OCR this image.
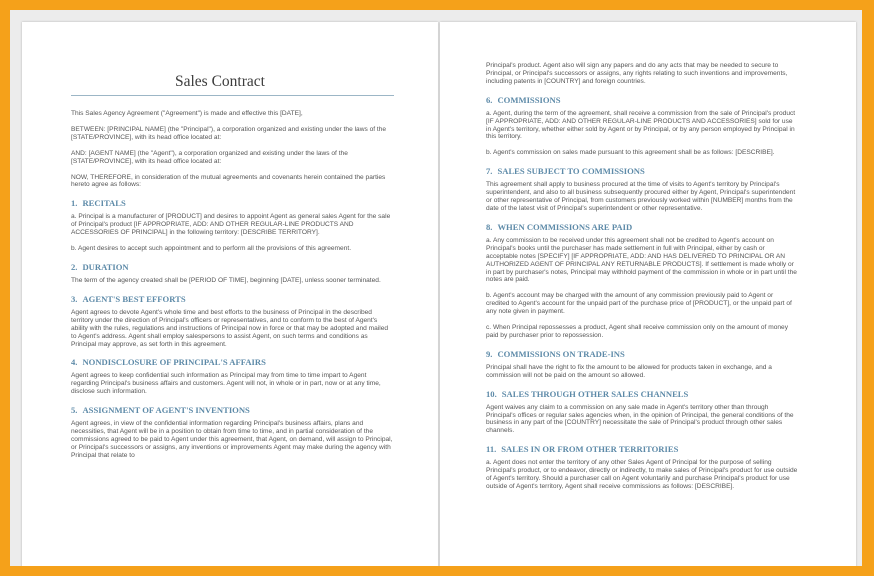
Sales Contract

This Sales Agency Agreement ("Agreement") is made and effective this [DATE],

BETWEEN: [PRINCIPAL NAME] (the "Principal"), a corporation organized and existing under the laws of the [STATE/PROVINCE], with its head office located at:

AND: [AGENT NAME] (the "Agent"), a corporation organized and existing under the laws of the [STATE/PROVINCE], with its head office located at:

NOW, THEREFORE, in consideration of the mutual agreements and covenants herein contained the parties hereto agree as follows:

1. RECITALS

a. Principal is a manufacturer of [PRODUCT] and desires to appoint Agent as general sales Agent for the sale of Principal's product [IF APPROPRIATE, ADD: AND OTHER REGULAR-LINE PRODUCTS AND ACCESSORIES OF PRINCIPAL] in the following territory: [DESCRIBE TERRITORY].

b. Agent desires to accept such appointment and to perform all the provisions of this agreement.

2. DURATION

The term of the agency created shall be [PERIOD OF TIME], beginning [DATE], unless sooner terminated.

3. AGENT'S BEST EFFORTS

Agent agrees to devote Agent's whole time and best efforts to the business of Principal in the described territory under the direction of Principal's officers or representatives, and to conform to the best of Agent's ability with the rules, regulations and instructions of Principal now in force or that may be adopted and mailed to Agent's address. Agent shall employ salespersons to assist Agent, on such terms and conditions as Principal may approve, as set forth in this agreement.

4. NONDISCLOSURE OF PRINCIPAL'S AFFAIRS

Agent agrees to keep confidential such information as Principal may from time to time impart to Agent regarding Principal's business affairs and customers. Agent will not, in whole or in part, now or at any time, disclose such information.

5. ASSIGNMENT OF AGENT'S INVENTIONS

Agent agrees, in view of the confidential information regarding Principal's business affairs, plans and necessities, that Agent will be in a position to obtain from time to time, and in partial consideration of the commissions agreed to be paid to Agent under this agreement, that Agent, on demand, will assign to Principal, or Principal's successors or assigns, any inventions or improvements Agent may make during the agency with Principal that relate to

Principal's product. Agent also will sign any papers and do any acts that may be needed to secure to Principal, or Principal's successors or assigns, any rights relating to such inventions and improvements, including patents in [COUNTRY] and foreign countries.

6. COMMISSIONS

a. Agent, during the term of the agreement, shall receive a commission from the sale of Principal's product [IF APPROPRIATE, ADD: AND OTHER REGULAR-LINE PRODUCTS AND ACCESSORIES] sold for use in Agent's territory, whether either sold by Agent or by Principal, or by any person employed by Principal in this territory.

b. Agent's commission on sales made pursuant to this agreement shall be as follows: [DESCRIBE].

7. SALES SUBJECT TO COMMISSIONS

This agreement shall apply to business procured at the time of visits to Agent's territory by Principal's superintendent, and also to all business subsequently procured either by Agent, Principal's superintendent or other representative of Principal, from customers previously worked within [NUMBER] months from the date of the latest visit of Principal's superintendent or other representative.

8. WHEN COMMISSIONS ARE PAID

a. Any commission to be received under this agreement shall not be credited to Agent's account on Principal's books until the purchaser has made settlement in full with Principal, either by cash or acceptable notes [SPECIFY] [IF APPROPRIATE, ADD: AND HAS DELIVERED TO PRINCIPAL OR AN AUTHORIZED AGENT OF PRINCIPAL ANY RETURNABLE PRODUCTS]. If settlement is made wholly or in part by purchaser's notes, Principal may withhold payment of the commission in whole or in part until the notes are paid.

b. Agent's account may be charged with the amount of any commission previously paid to Agent or credited to Agent's account for the unpaid part of the purchase price of [PRODUCT], or the unpaid part of any note given in payment.

c. When Principal repossesses a product, Agent shall receive commission only on the amount of money paid by purchaser prior to repossession.

9. COMMISSIONS ON TRADE-INS

Principal shall have the right to fix the amount to be allowed for products taken in exchange, and a commission will not be paid on the amount so allowed.

10. SALES THROUGH OTHER SALES CHANNELS

Agent waives any claim to a commission on any sale made in Agent's territory other than through Principal's offices or regular sales agencies when, in the opinion of Principal, the general conditions of the business in any part of the [COUNTRY] necessitate the sale of Principal's product through other sales channels.

11. SALES IN OR FROM OTHER TERRITORIES

a. Agent does not enter the territory of any other Sales Agent of Principal for the purpose of selling Principal's product, or to endeavor, directly or indirectly, to make sales of Principal's product for use outside of Agent's territory. Should a purchaser call on Agent voluntarily and purchase Principal's product for use outside of Agent's territory, Agent shall receive commissions as follows: [DESCRIBE].
